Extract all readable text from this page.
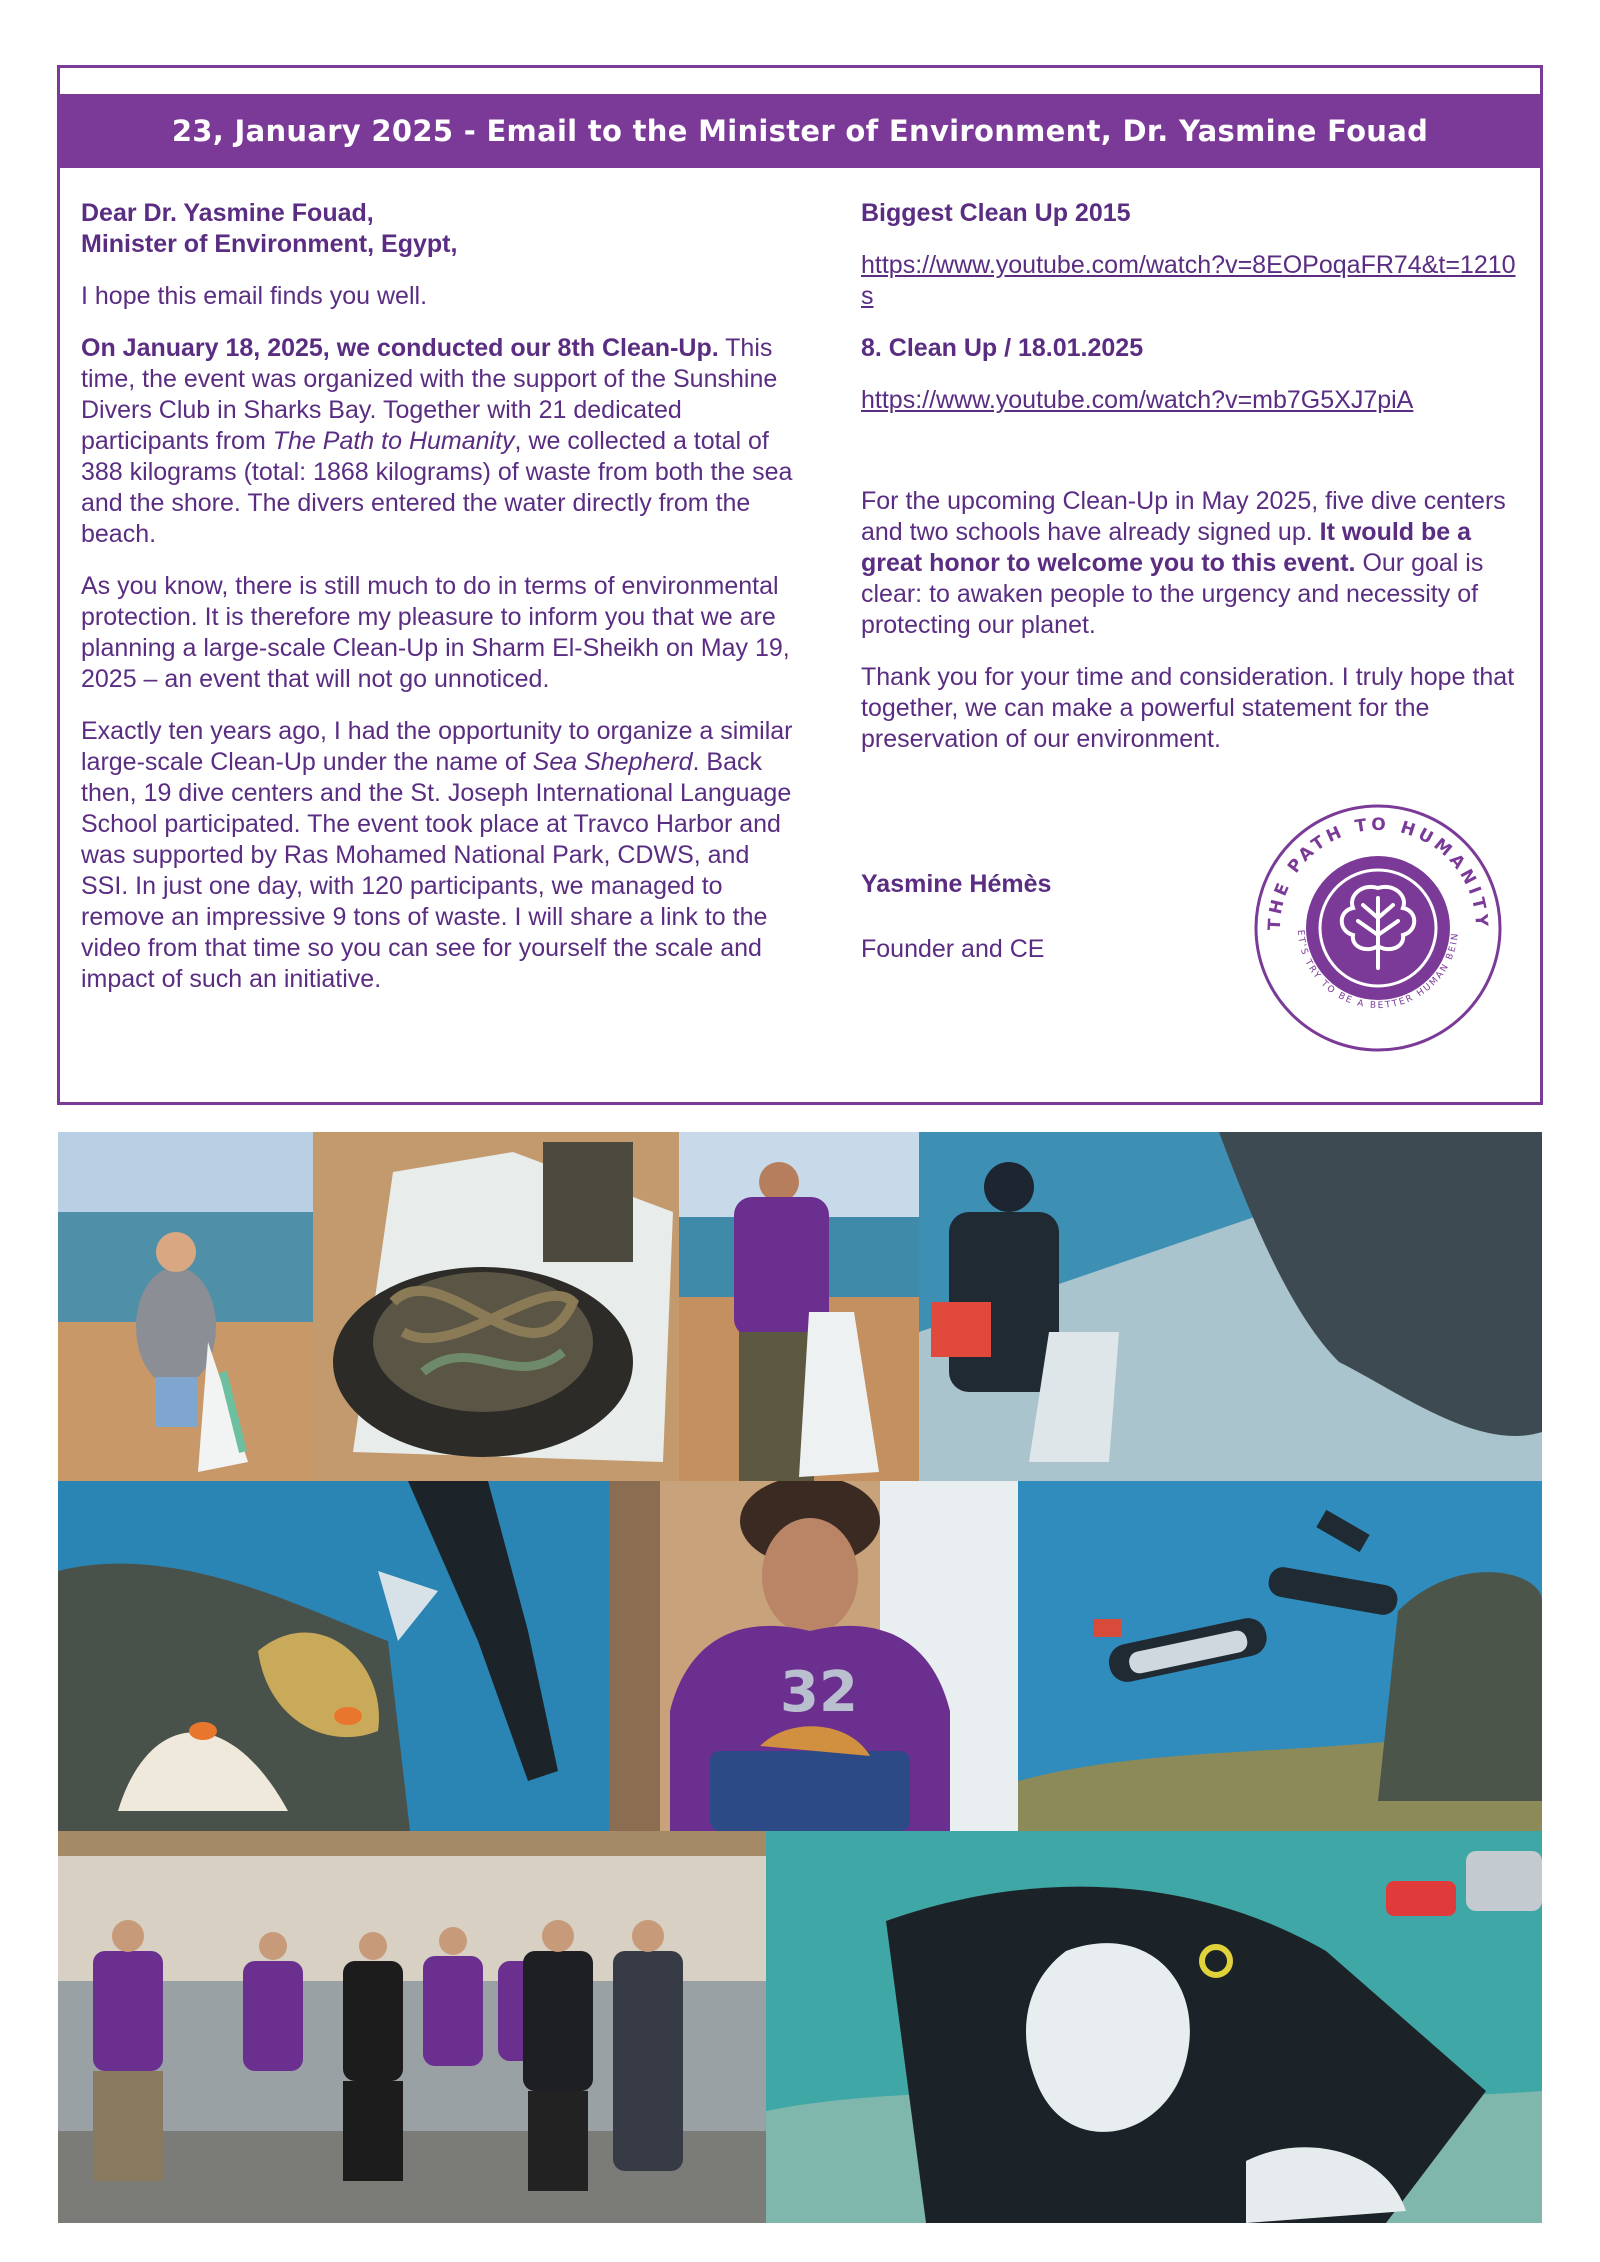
23, January 2025 - Email to the Minister of Environment, Dr. Yasmine Fouad

Dear Dr. Yasmine Fouad,
Minister of Environment, Egypt,

I hope this email finds you well.

On January 18, 2025, we conducted our 8th Clean-Up. This time, the event was organized with the support of the Sunshine Divers Club in Sharks Bay. Together with 21 dedicated participants from The Path to Humanity, we collected a total of 388 kilograms (total: 1868 kilograms) of waste from both the sea and the shore. The divers entered the water directly from the beach.

As you know, there is still much to do in terms of environmental protection. It is therefore my pleasure to inform you that we are planning a large-scale Clean-Up in Sharm El-Sheikh on May 19, 2025 – an event that will not go unnoticed.

Exactly ten years ago, I had the opportunity to organize a similar large-scale Clean-Up under the name of Sea Shepherd. Back then, 19 dive centers and the St. Joseph International Language School participated. The event took place at Travco Harbor and was supported by Ras Mohamed National Park, CDWS, and SSI. In just one day, with 120 participants, we managed to remove an impressive 9 tons of waste. I will share a link to the video from that time so you can see for yourself the scale and impact of such an initiative.

Biggest Clean Up 2015

https://www.youtube.com/watch?v=8EOPoqaFR74&t=1210s

8. Clean Up / 18.01.2025

https://www.youtube.com/watch?v=mb7G5XJ7piA

For the upcoming Clean-Up in May 2025, five dive centers and two schools have already signed up. It would be a great honor to welcome you to this event. Our goal is clear: to awaken people to the urgency and necessity of protecting our planet.

Thank you for your time and consideration. I truly hope that together, we can make a powerful statement for the preservation of our environment.

Yasmine Hémès
Founder and CE
THE PATH TO HUMANITY
ET'S TRY TO BE A BETTER HUMAN BEIN
32
